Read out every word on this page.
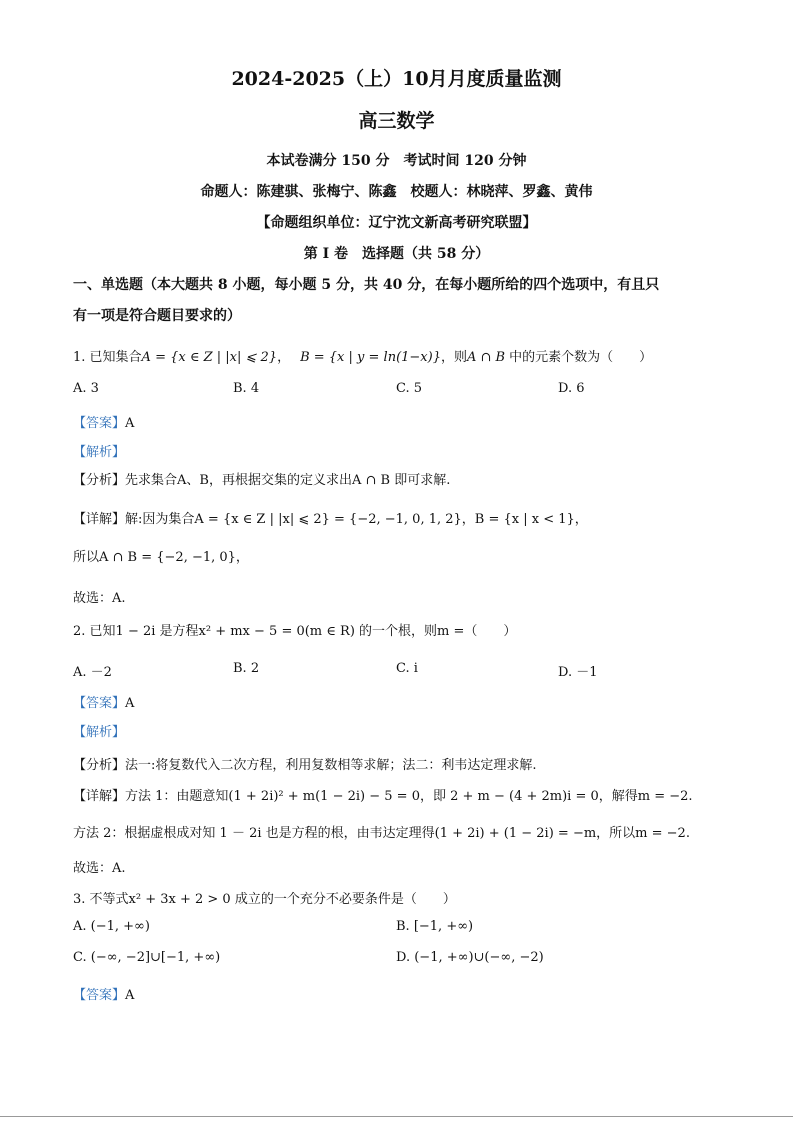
2024-2025（上）10月月度质量监测
高三数学
本试卷满分 150 分　考试时间 120 分钟
命题人：陈建骐、张梅宁、陈鑫　校题人：林晓萍、罗鑫、黄伟
【命题组织单位：辽宁沈文新高考研究联盟】
第 I 卷　选择题（共 58 分）
一、单选题（本大题共 8 小题，每小题 5 分，共 40 分，在每小题所给的四个选项中，有且只
有一项是符合题目要求的）
1. 已知集合A = {x ∈ Z | |x| ⩽ 2}， B = {x | y = ln(1−x)}，则A ∩ B 中的元素个数为（　　）
A. 3	B. 4	C. 5	D. 6
【答案】A
【解析】
【分析】先求集合A、B，再根据交集的定义求出A ∩ B 即可求解.
【详解】解:因为集合A = {x ∈ Z | |x| ⩽ 2} = {−2, −1, 0, 1, 2}，B = {x | x < 1}，
所以A ∩ B = {−2, −1, 0}，
故选：A.
2. 已知1 − 2i 是方程x² + mx − 5 = 0(m ∈ R) 的一个根，则m =（　　）
A. －2	B. 2	C. i	D. －1
【答案】A
【解析】
【分析】法一:将复数代入二次方程，利用复数相等求解；法二：利韦达定理求解.
【详解】方法 1：由题意知(1 + 2i)² + m(1 − 2i) − 5 = 0，即 2 + m − (4 + 2m)i = 0，解得m = −2.
方法 2：根据虚根成对知 1 － 2i 也是方程的根，由韦达定理得(1 + 2i) + (1 − 2i) = −m，所以m = −2.
故选：A.
3. 不等式x² + 3x + 2 > 0 成立的一个充分不必要条件是（　　）
A. (−1, +∞)	B. [−1, +∞)
C. (−∞, −2]∪[−1, +∞)	D. (−1, +∞)∪(−∞, −2)
【答案】A
